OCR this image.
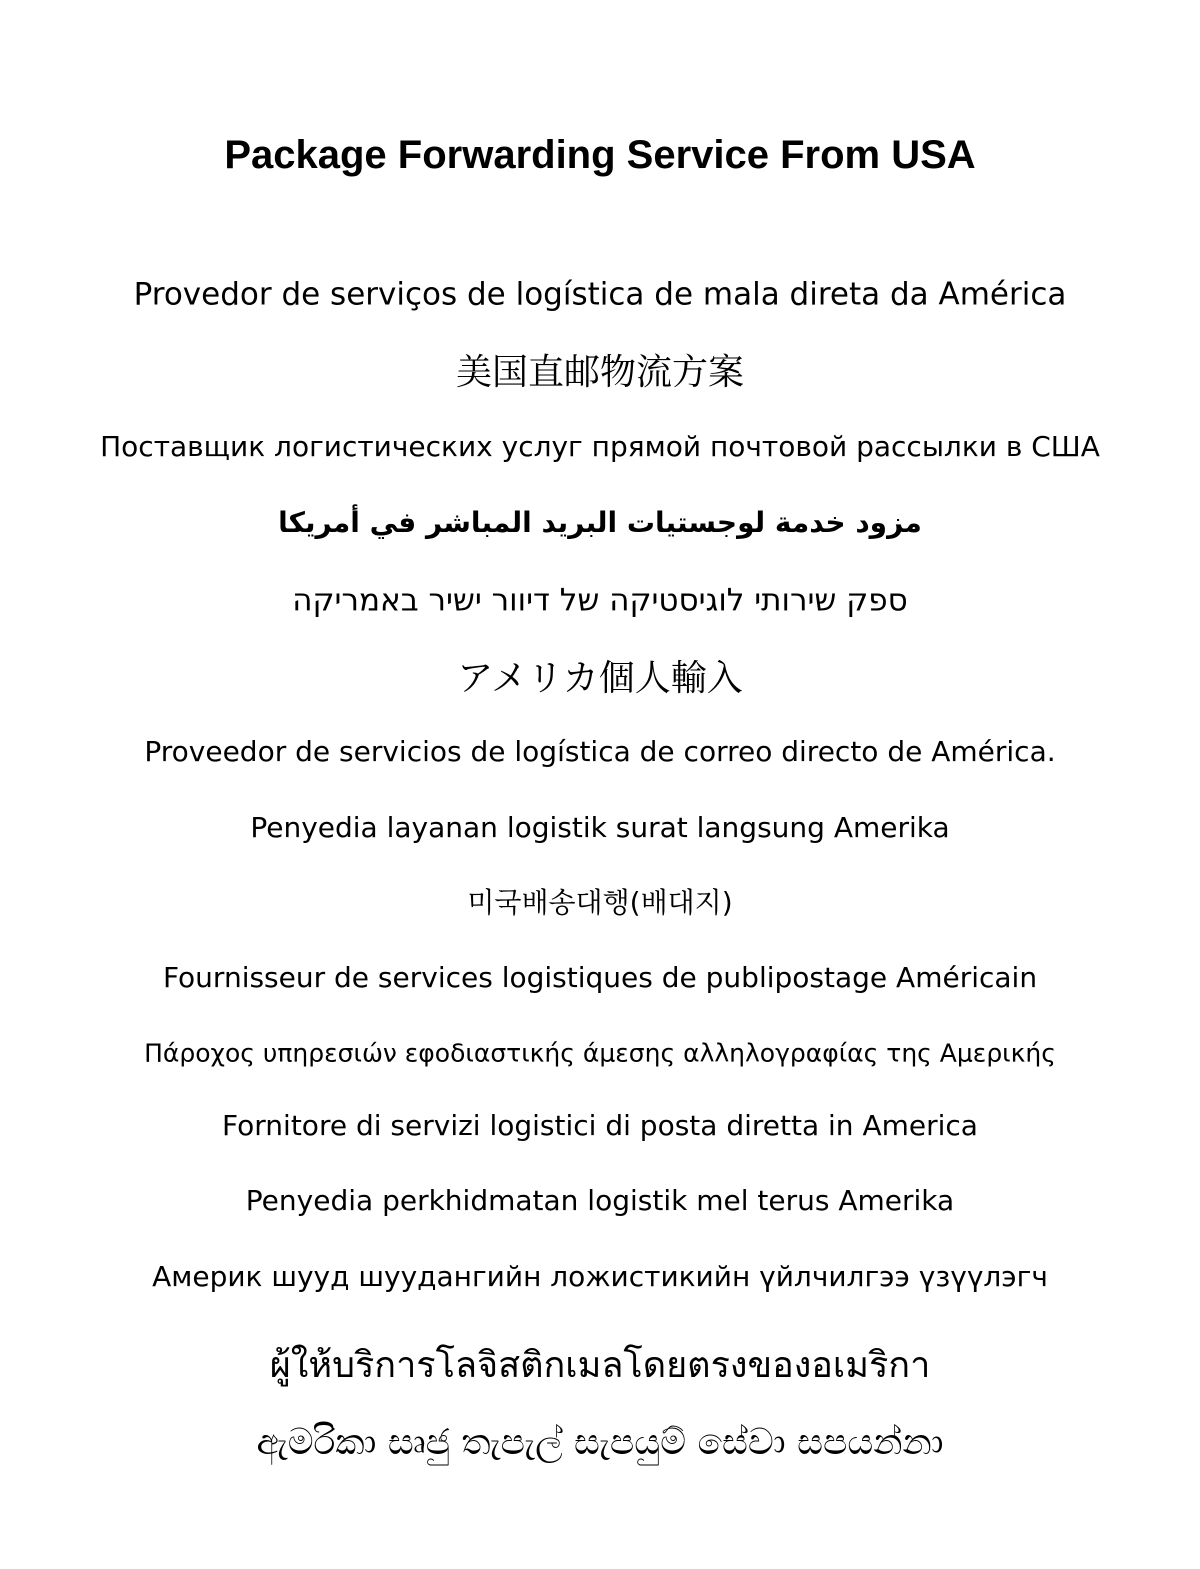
Package Forwarding Service From USA
Provedor de serviços de logística de mala direta da América
美国直邮物流方案
Поставщик логистических услуг прямой почтовой рассылки в США
مزود خدمة لوجستيات البريد المباشر في أمريكا
ספק שירותי לוגיסטיקה של דיוור ישיר באמריקה
アメリカ個人輸入
Proveedor de servicios de logística de correo directo de América.
Penyedia layanan logistik surat langsung Amerika
미국배송대행(배대지)
Fournisseur de services logistiques de publipostage Américain
Πάροχος υπηρεσιών εφοδιαστικής άμεσης αλληλογραφίας της Αμερικής
Fornitore di servizi logistici di posta diretta in America
Penyedia perkhidmatan logistik mel terus Amerika
Америк шууд шуудангийн ложистикийн үйлчилгээ үзүүлэгч
ผู้ให้บริการโลจิสติกเมลโดยตรงของอเมริกา
ඇමරිකා සෘජු තැපැල් සැපයුම් සේවා සපයන්නා
